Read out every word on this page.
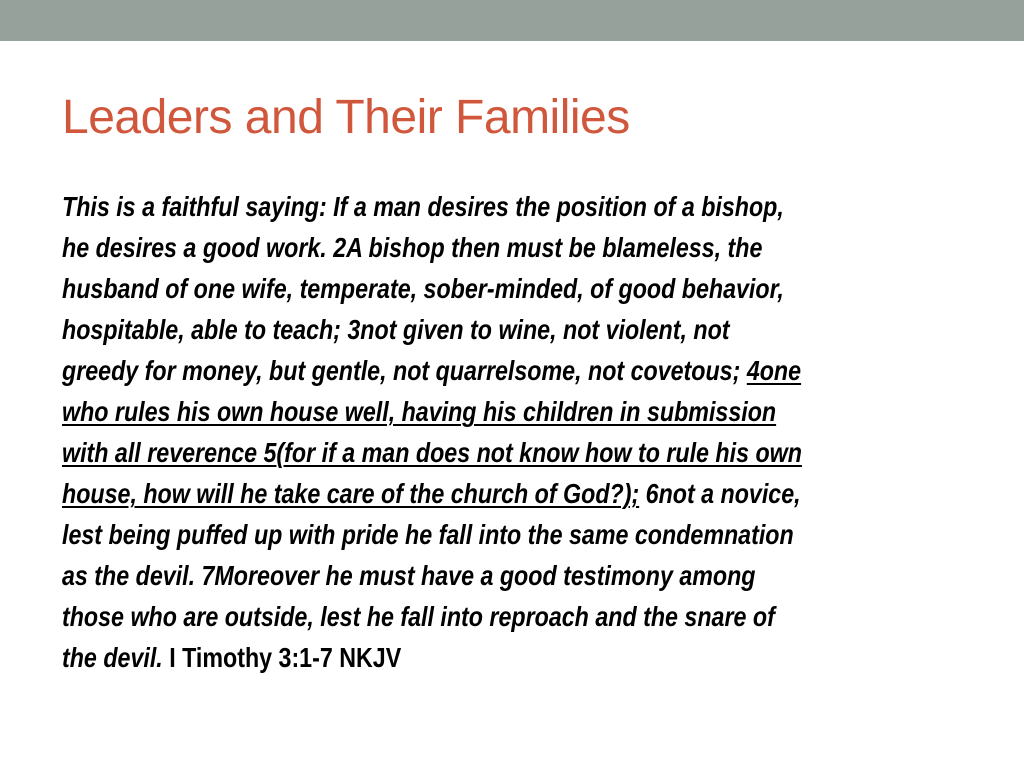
Leaders and Their Families
This is a faithful saying: If a man desires the position of a bishop,
he desires a good work. 2A bishop then must be blameless, the
husband of one wife, temperate, sober-minded, of good behavior,
hospitable, able to teach; 3not given to wine, not violent, not
greedy for money, but gentle, not quarrelsome, not covetous; 4one
who rules his own house well, having his children in submission
with all reverence 5(for if a man does not know how to rule his own
house, how will he take care of the church of God?); 6not a novice,
lest being puffed up with pride he fall into the same condemnation
as the devil. 7Moreover he must have a good testimony among
those who are outside, lest he fall into reproach and the snare of
the devil. I Timothy 3:1-7 NKJV
